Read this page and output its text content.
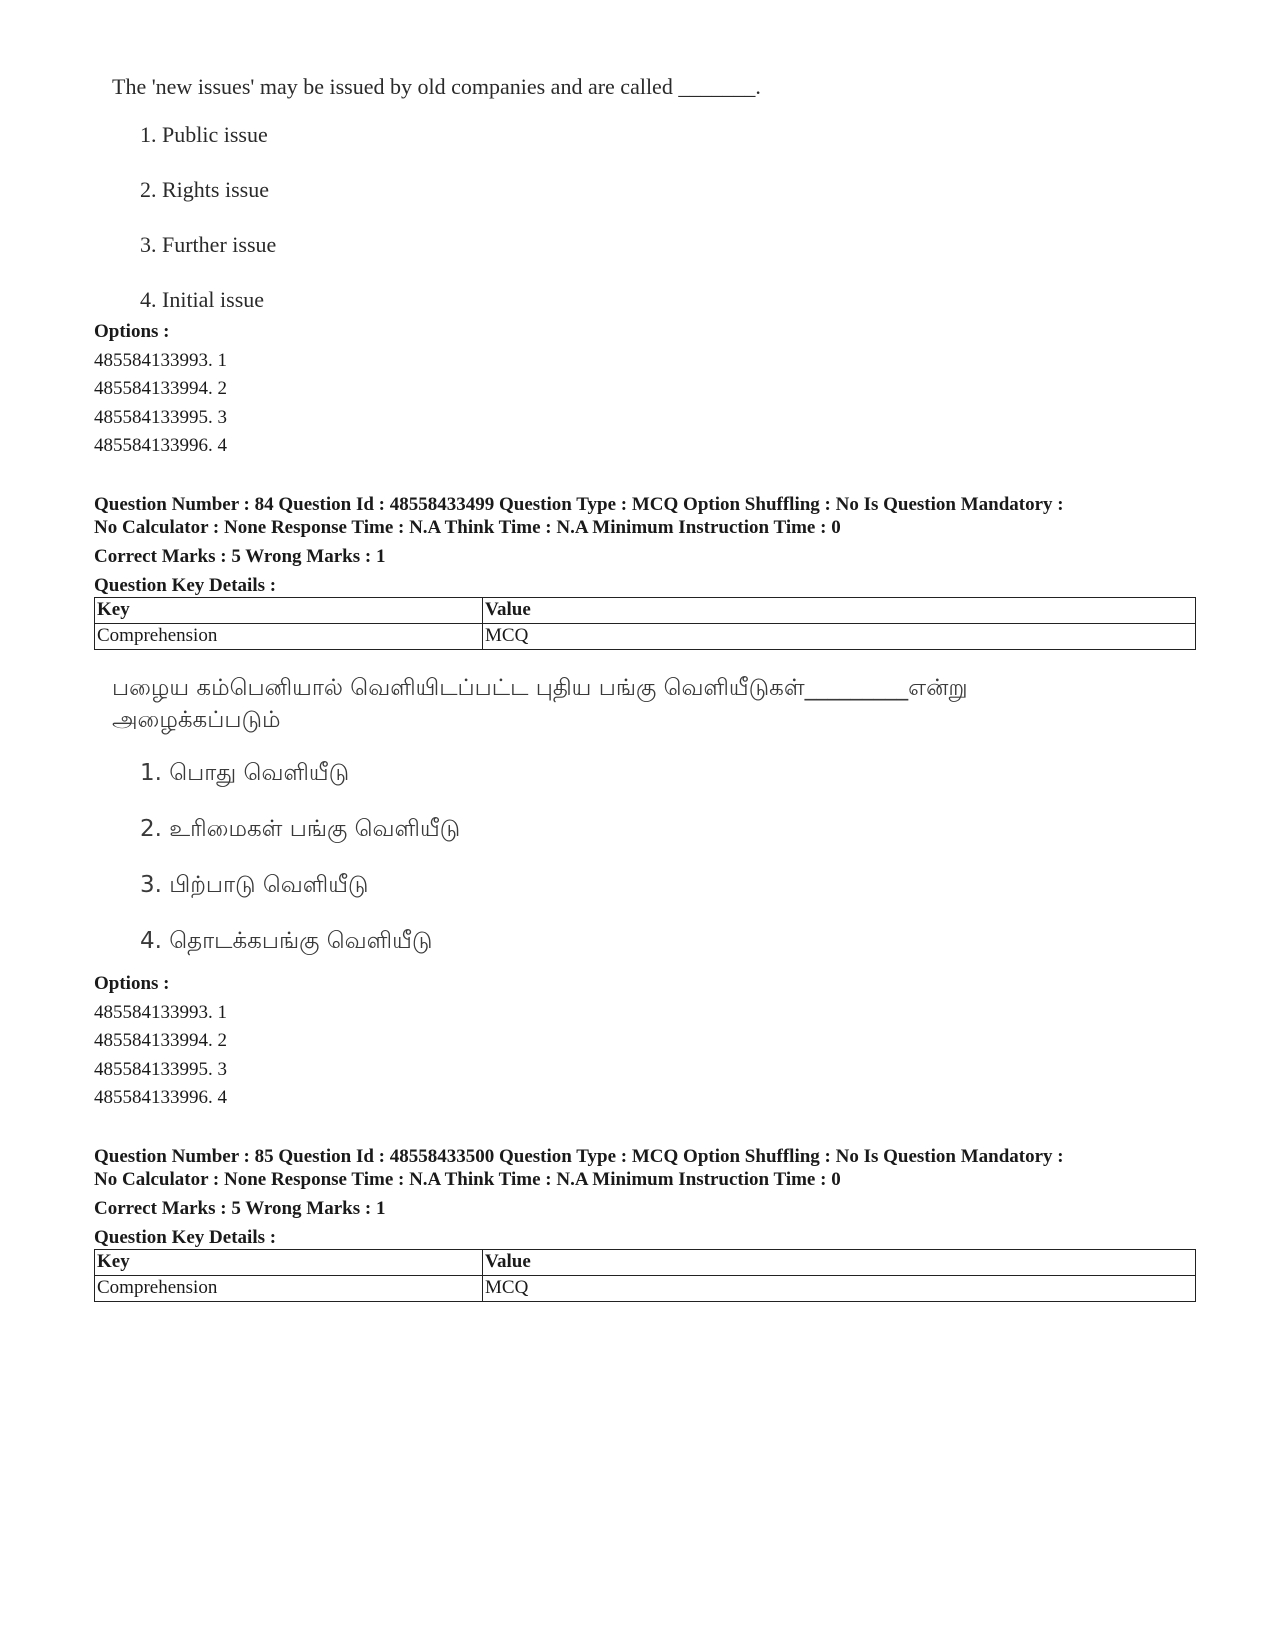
The 'new issues' may be issued by old companies and are called _______.
1. Public issue
2. Rights issue
3. Further issue
4. Initial issue
Options :
485584133993. 1
485584133994. 2
485584133995. 3
485584133996. 4
Question Number : 84 Question Id : 48558433499 Question Type : MCQ Option Shuffling : No Is Question Mandatory :
No Calculator : None Response Time : N.A Think Time : N.A Minimum Instruction Time : 0
Correct Marks : 5 Wrong Marks : 1
Question Key Details :
Key	Value
Comprehension	MCQ
பழைய கம்பெனியால் வெளியிடப்பட்ட புதிய பங்கு வெளியீடுகள்_________என்று அழைக்கப்படும்
1. பொது வெளியீடு
2. உரிமைகள் பங்கு வெளியீடு
3. பிற்பாடு வெளியீடு
4. தொடக்கபங்கு வெளியீடு
Options :
485584133993. 1
485584133994. 2
485584133995. 3
485584133996. 4
Question Number : 85 Question Id : 48558433500 Question Type : MCQ Option Shuffling : No Is Question Mandatory :
No Calculator : None Response Time : N.A Think Time : N.A Minimum Instruction Time : 0
Correct Marks : 5 Wrong Marks : 1
Question Key Details :
Key	Value
Comprehension	MCQ
